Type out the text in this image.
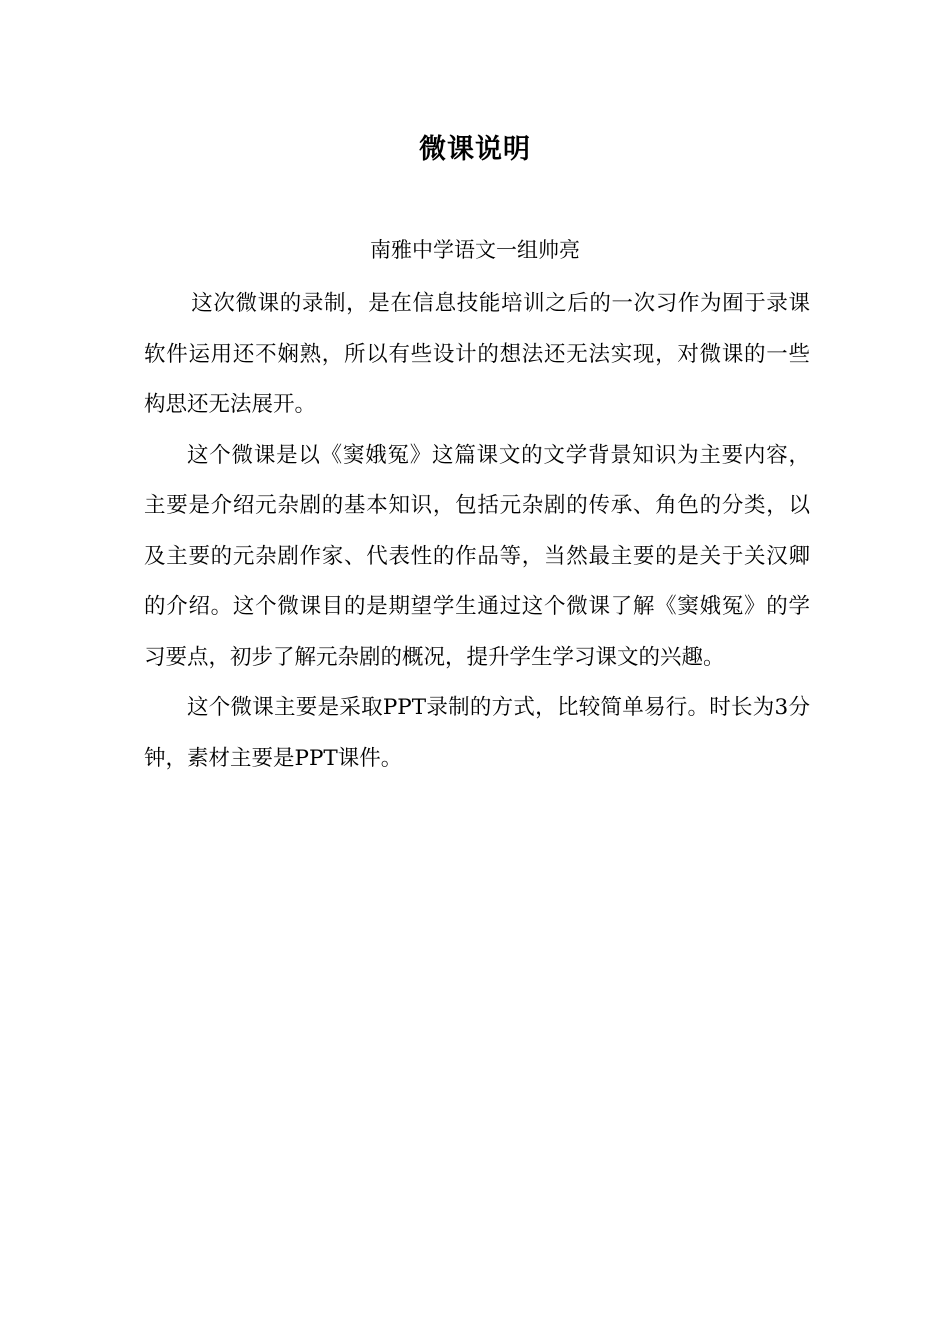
微课说明
南雅中学语文一组帅亮

这次微课的录制，是在信息技能培训之后的一次习作为囿于录课软件运用还不娴熟，所以有些设计的想法还无法实现，对微课的一些构思还无法展开。

这个微课是以《窦娥冤》这篇课文的文学背景知识为主要内容，主要是介绍元杂剧的基本知识，包括元杂剧的传承、角色的分类，以及主要的元杂剧作家、代表性的作品等，当然最主要的是关于关汉卿的介绍。这个微课目的是期望学生通过这个微课了解《窦娥冤》的学习要点，初步了解元杂剧的概况，提升学生学习课文的兴趣。

这个微课主要是采取PPT录制的方式，比较简单易行。时长为3分钟，素材主要是PPT课件。
